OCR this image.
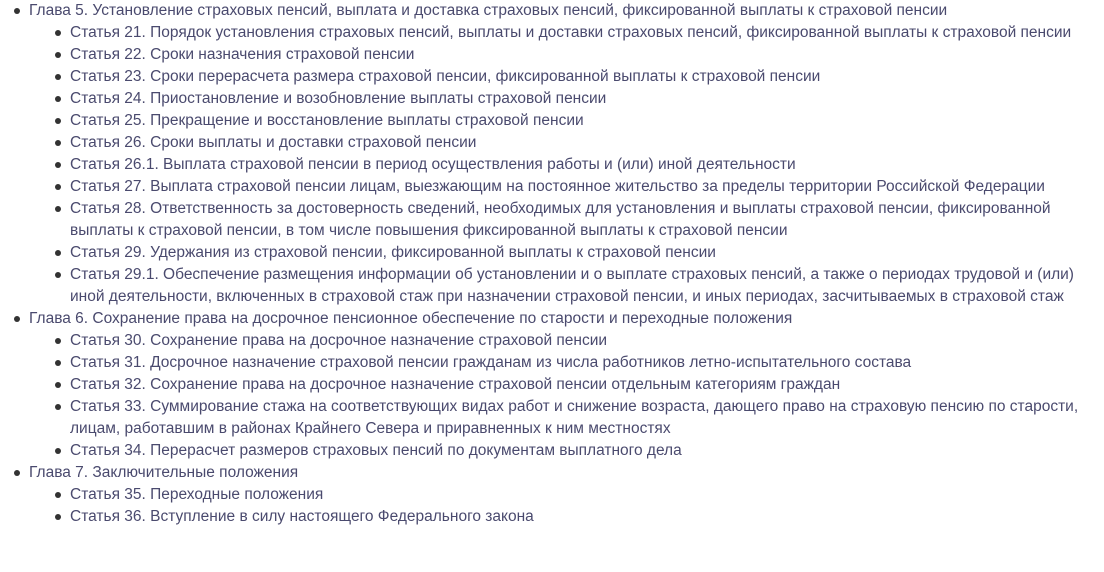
Глава 5. Установление страховых пенсий, выплата и доставка страховых пенсий, фиксированной выплаты к страховой пенсии
Статья 21. Порядок установления страховых пенсий, выплаты и доставки страховых пенсий, фиксированной выплаты к страховой пенсии
Статья 22. Сроки назначения страховой пенсии
Статья 23. Сроки перерасчета размера страховой пенсии, фиксированной выплаты к страховой пенсии
Статья 24. Приостановление и возобновление выплаты страховой пенсии
Статья 25. Прекращение и восстановление выплаты страховой пенсии
Статья 26. Сроки выплаты и доставки страховой пенсии
Статья 26.1. Выплата страховой пенсии в период осуществления работы и (или) иной деятельности
Статья 27. Выплата страховой пенсии лицам, выезжающим на постоянное жительство за пределы территории Российской Федерации
Статья 28. Ответственность за достоверность сведений, необходимых для установления и выплаты страховой пенсии, фиксированной выплаты к страховой пенсии, в том числе повышения фиксированной выплаты к страховой пенсии
Статья 29. Удержания из страховой пенсии, фиксированной выплаты к страховой пенсии
Статья 29.1. Обеспечение размещения информации об установлении и о выплате страховых пенсий, а также о периодах трудовой и (или) иной деятельности, включенных в страховой стаж при назначении страховой пенсии, и иных периодах, засчитываемых в страховой стаж
Глава 6. Сохранение права на досрочное пенсионное обеспечение по старости и переходные положения
Статья 30. Сохранение права на досрочное назначение страховой пенсии
Статья 31. Досрочное назначение страховой пенсии гражданам из числа работников летно-испытательного состава
Статья 32. Сохранение права на досрочное назначение страховой пенсии отдельным категориям граждан
Статья 33. Суммирование стажа на соответствующих видах работ и снижение возраста, дающего право на страховую пенсию по старости, лицам, работавшим в районах Крайнего Севера и приравненных к ним местностях
Статья 34. Перерасчет размеров страховых пенсий по документам выплатного дела
Глава 7. Заключительные положения
Статья 35. Переходные положения
Статья 36. Вступление в силу настоящего Федерального закона
